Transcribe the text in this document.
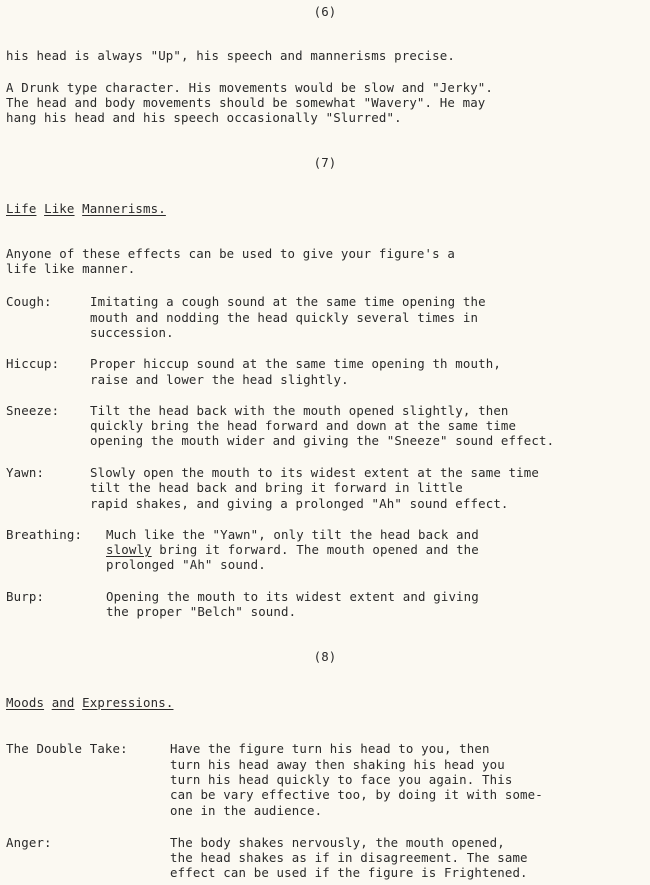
(6)
his head is always "Up", his speech and mannerisms precise.
A Drunk type character. His movements would be slow and "Jerky".
The head and body movements should be somewhat "Wavery". He may
hang his head and his speech occasionally "Slurred".
(7)
Life Like Mannerisms.
Anyone of these effects can be used to give your figure's a
life like manner.
Cough:	Imitating a cough sound at the same time opening the
mouth and nodding the head quickly several times in
succession.
Hiccup: Proper hiccup sound at the same time opening th mouth,
raise and lower the head slightly.
Sneeze: Tilt the head back with the mouth opened slightly, then
quickly bring the head forward and down at the same time
opening the mouth wider and giving the "Sneeze" sound effect.
Yawn:	Slowly open the mouth to its widest extent at the same time
tilt the head back and bring it forward in little
rapid shakes, and giving a prolonged "Ah" sound effect.
Breathing: Much like the "Yawn", only tilt the head back and
slowly bring it forward. The mouth opened and the
prolonged "Ah" sound.
Burp:	Opening the mouth to its widest extent and giving
the proper "Belch" sound.
(8)
Moods and Expressions.
The Double Take:	Have the figure turn his head to you, then
turn his head away then shaking his head you
turn his head quickly to face you again. This
can be vary effective too, by doing it with some-
one in the audience.
Anger:	The body shakes nervously, the mouth opened,
the head shakes as if in disagreement. The same
effect can be used if the figure is Frightened.
